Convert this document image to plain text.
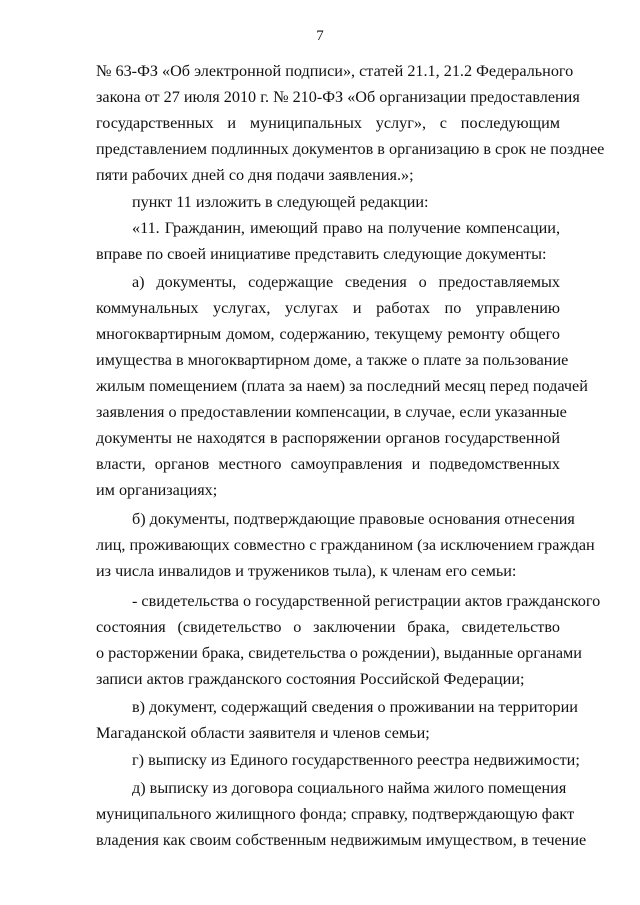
7
№ 63-ФЗ «Об электронной подписи», статей 21.1, 21.2 Федерального
закона от 27 июля 2010 г. № 210-ФЗ «Об организации предоставления
государственных и муниципальных услуг», с последующим
представлением подлинных документов в организацию в срок не позднее
пяти рабочих дней со дня подачи заявления.»;
пункт 11 изложить в следующей редакции:
«11. Гражданин, имеющий право на получение компенсации,
вправе по своей инициативе представить следующие документы:
а) документы, содержащие сведения о предоставляемых
коммунальных услугах, услугах и работах по управлению
многоквартирным домом, содержанию, текущему ремонту общего
имущества в многоквартирном доме, а также о плате за пользование
жилым помещением (плата за наем) за последний месяц перед подачей
заявления о предоставлении компенсации, в случае, если указанные
документы не находятся в распоряжении органов государственной
власти, органов местного самоуправления и подведомственных
им организациях;
б) документы, подтверждающие правовые основания отнесения
лиц, проживающих совместно с гражданином (за исключением граждан
из числа инвалидов и тружеников тыла), к членам его семьи:
- свидетельства о государственной регистрации актов гражданского
состояния (свидетельство о заключении брака, свидетельство
о расторжении брака, свидетельства о рождении), выданные органами
записи актов гражданского состояния Российской Федерации;
в) документ, содержащий сведения о проживании на территории
Магаданской области заявителя и членов семьи;
г) выписку из Единого государственного реестра недвижимости;
д) выписку из договора социального найма жилого помещения
муниципального жилищного фонда; справку, подтверждающую факт
владения как своим собственным недвижимым имуществом, в течение
